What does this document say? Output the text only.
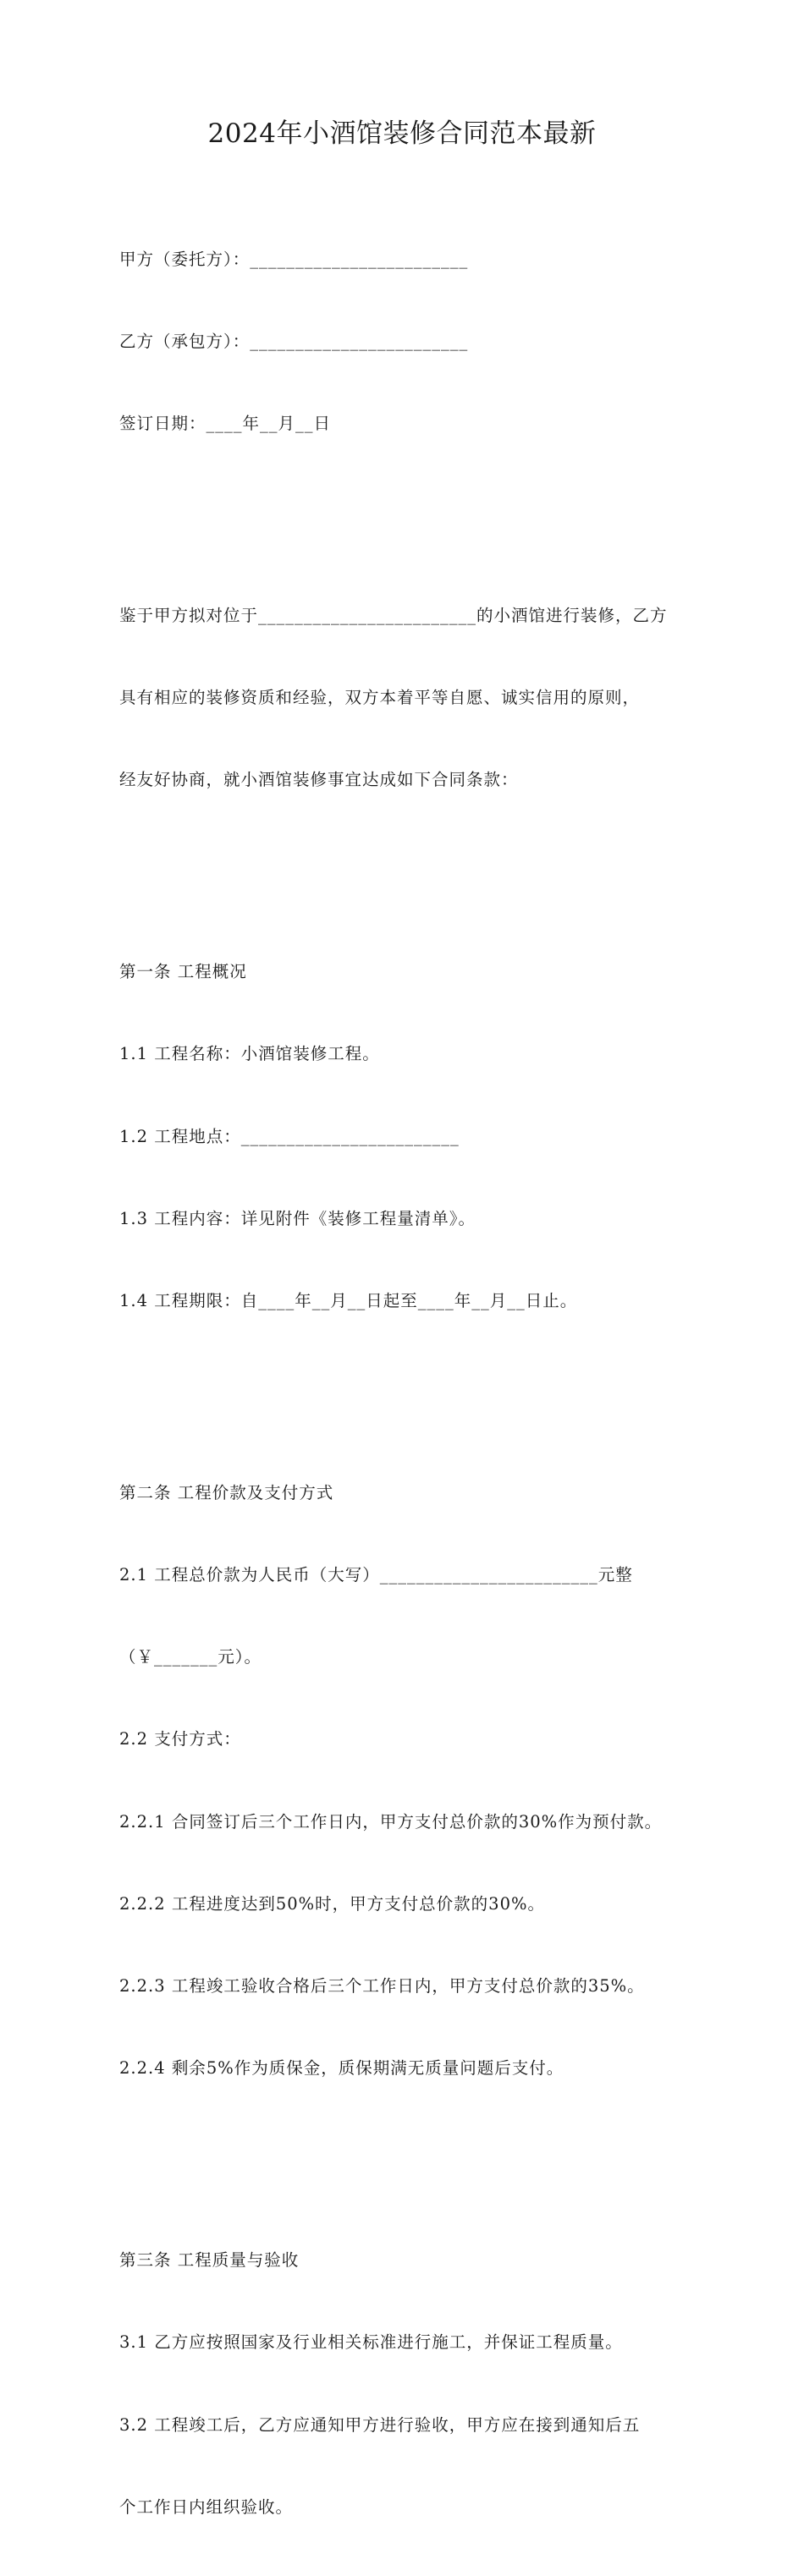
2024年小酒馆装修合同范本最新

甲方（委托方）：________________________

乙方（承包方）：________________________

签订日期：____年__月__日

鉴于甲方拟对位于________________________的小酒馆进行装修，乙方

具有相应的装修资质和经验，双方本着平等自愿、诚实信用的原则，

经友好协商，就小酒馆装修事宜达成如下合同条款：

第一条 工程概况

1.1 工程名称：小酒馆装修工程。

1.2 工程地点：________________________

1.3 工程内容：详见附件《装修工程量清单》。

1.4 工程期限：自____年__月__日起至____年__月__日止。

第二条 工程价款及支付方式

2.1 工程总价款为人民币（大写）________________________元整

（￥_______元）。

2.2 支付方式：

2.2.1 合同签订后三个工作日内，甲方支付总价款的30%作为预付款。

2.2.2 工程进度达到50%时，甲方支付总价款的30%。

2.2.3 工程竣工验收合格后三个工作日内，甲方支付总价款的35%。

2.2.4 剩余5%作为质保金，质保期满无质量问题后支付。

第三条 工程质量与验收

3.1 乙方应按照国家及行业相关标准进行施工，并保证工程质量。

3.2 工程竣工后，乙方应通知甲方进行验收，甲方应在接到通知后五

个工作日内组织验收。
